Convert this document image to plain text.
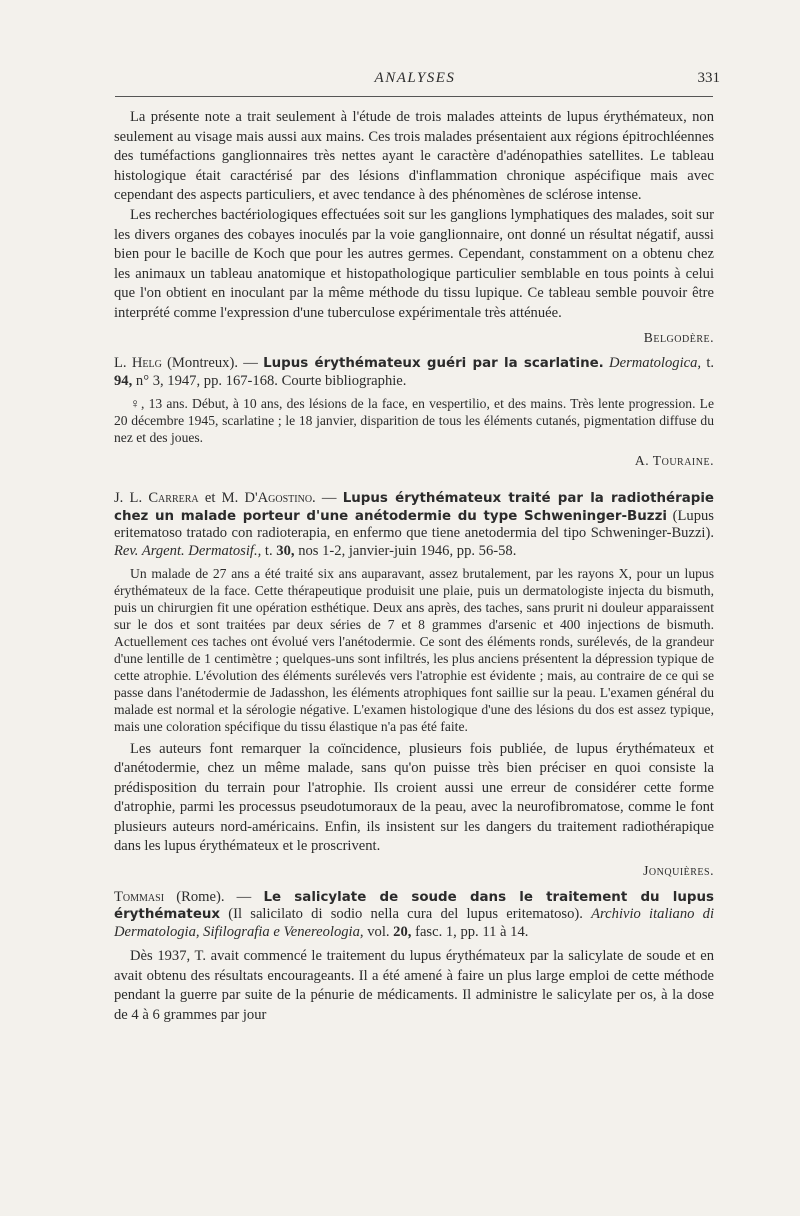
ANALYSES	331

La présente note a trait seulement à l'étude de trois malades atteints de lupus érythémateux, non seulement au visage mais aussi aux mains. Ces trois malades présentaient aux régions épitrochléennes des tuméfactions ganglionnaires très nettes ayant le caractère d'adénopathies satellites. Le tableau histologique était caractérisé par des lésions d'inflammation chronique aspécifique mais avec cependant des aspects particuliers, et avec tendance à des phénomènes de sclérose intense.

Les recherches bactériologiques effectuées soit sur les ganglions lymphatiques des malades, soit sur les divers organes des cobayes inoculés par la voie ganglionnaire, ont donné un résultat négatif, aussi bien pour le bacille de Koch que pour les autres germes. Cependant, constamment on a obtenu chez les animaux un tableau anatomique et histopathologique particulier semblable en tous points à celui que l'on obtient en inoculant par la même méthode du tissu lupique. Ce tableau semble pouvoir être interprété comme l'expression d'une tuberculose expérimentale très atténuée.

Belgodère.
L. Helg (Montreux). — Lupus érythémateux guéri par la scarlatine. Dermatologica, t. 94, n° 3, 1947, pp. 167-168. Courte bibliographie.

♀, 13 ans. Début, à 10 ans, des lésions de la face, en vespertilio, et des mains. Très lente progression. Le 20 décembre 1945, scarlatine ; le 18 janvier, disparition de tous les éléments cutanés, pigmentation diffuse du nez et des joues.

A. Touraine.
J. L. Carrera et M. D'Agostino. — Lupus érythémateux traité par la radiothérapie chez un malade porteur d'une anétodermie du type Schweninger-Buzzi (Lupus eritematoso tratado con radioterapia, en enfermo que tiene anetodermia del tipo Schweninger-Buzzi). Rev. Argent. Dermatosif., t. 30, nos 1-2, janvier-juin 1946, pp. 56-58.

Un malade de 27 ans a été traité six ans auparavant, assez brutalement, par les rayons X, pour un lupus érythémateux de la face. Cette thérapeutique produisit une plaie, puis un dermatologiste injecta du bismuth, puis un chirurgien fit une opération esthétique. Deux ans après, des taches, sans prurit ni douleur apparaissent sur le dos et sont traitées par deux séries de 7 et 8 grammes d'arsenic et 400 injections de bismuth. Actuellement ces taches ont évolué vers l'anétodermie. Ce sont des éléments ronds, surélevés, de la grandeur d'une lentille de 1 centimètre ; quelques-uns sont infiltrés, les plus anciens présentent la dépression typique de cette atrophie. L'évolution des éléments surélevés vers l'atrophie est évidente ; mais, au contraire de ce qui se passe dans l'anétodermie de Jadasshon, les éléments atrophiques font saillie sur la peau. L'examen général du malade est normal et la sérologie négative. L'examen histologique d'une des lésions du dos est assez typique, mais une coloration spécifique du tissu élastique n'a pas été faite.

Les auteurs font remarquer la coïncidence, plusieurs fois publiée, de lupus érythémateux et d'anétodermie, chez un même malade, sans qu'on puisse très bien préciser en quoi consiste la prédisposition du terrain pour l'atrophie. Ils croient aussi une erreur de considérer cette forme d'atrophie, parmi les processus pseudotumoraux de la peau, avec la neurofibromatose, comme le font plusieurs auteurs nord-américains. Enfin, ils insistent sur les dangers du traitement radiothérapique dans les lupus érythémateux et le proscrivent.

Jonquières.
Tommasi (Rome). — Le salicylate de soude dans le traitement du lupus érythémateux (Il salicilato di sodio nella cura del lupus eritematoso). Archivio italiano di Dermatologia, Sifilografia e Venereologia, vol. 20, fasc. 1, pp. 11 à 14.

Dès 1937, T. avait commencé le traitement du lupus érythémateux par la salicylate de soude et en avait obtenu des résultats encourageants. Il a été amené à faire un plus large emploi de cette méthode pendant la guerre par suite de la pénurie de médicaments. Il administre le salicylate per os, à la dose de 4 à 6 grammes par jour
